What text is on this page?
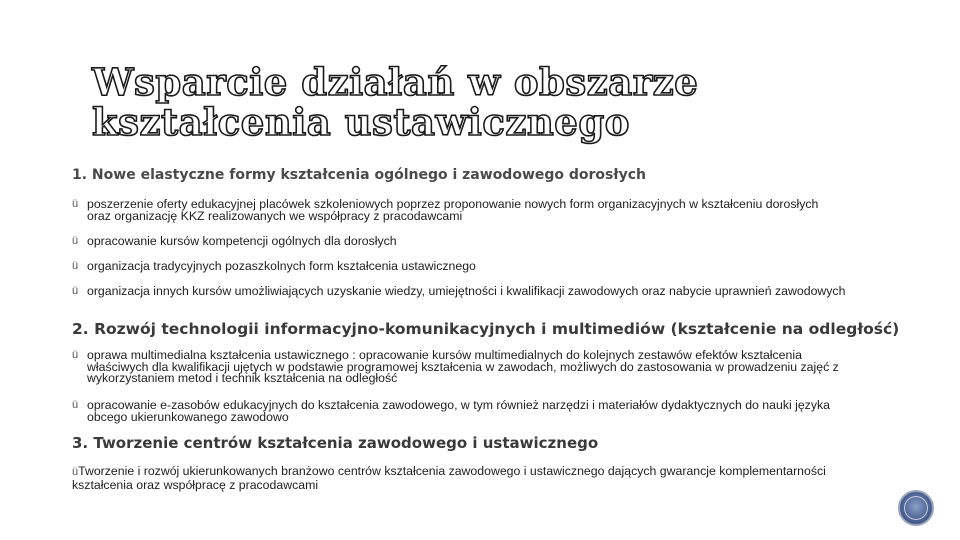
Wsparcie działań w obszarze kształcenia ustawicznego
1. Nowe elastyczne formy kształcenia ogólnego i zawodowego dorosłych
ü poszerzenie oferty edukacyjnej placówek szkoleniowych poprzez proponowanie nowych form organizacyjnych w kształceniu dorosłych oraz organizację KKZ realizowanych we współpracy z pracodawcami
ü opracowanie kursów kompetencji ogólnych dla dorosłych
ü organizacja tradycyjnych pozaszkolnych form kształcenia ustawicznego
ü organizacja innych kursów umożliwiających uzyskanie wiedzy, umiejętności i kwalifikacji zawodowych oraz nabycie uprawnień zawodowych
2. Rozwój technologii informacyjno-komunikacyjnych i multimediów (kształcenie na odległość)
ü oprawa multimedialna kształcenia ustawicznego : opracowanie kursów multimedialnych do kolejnych zestawów efektów kształcenia właściwych dla kwalifikacji ujętych w podstawie programowej kształcenia w zawodach, możliwych do zastosowania w prowadzeniu zajęć z wykorzystaniem metod i technik kształcenia na odległość
ü opracowanie e-zasobów edukacyjnych do kształcenia zawodowego, w tym również narzędzi i materiałów dydaktycznych do nauki języka obcego ukierunkowanego zawodowo
3. Tworzenie centrów kształcenia zawodowego i ustawicznego
üTworzenie i rozwój ukierunkowanych branżowo centrów kształcenia zawodowego i ustawicznego dających gwarancje komplementarności kształcenia oraz współpracę z pracodawcami
